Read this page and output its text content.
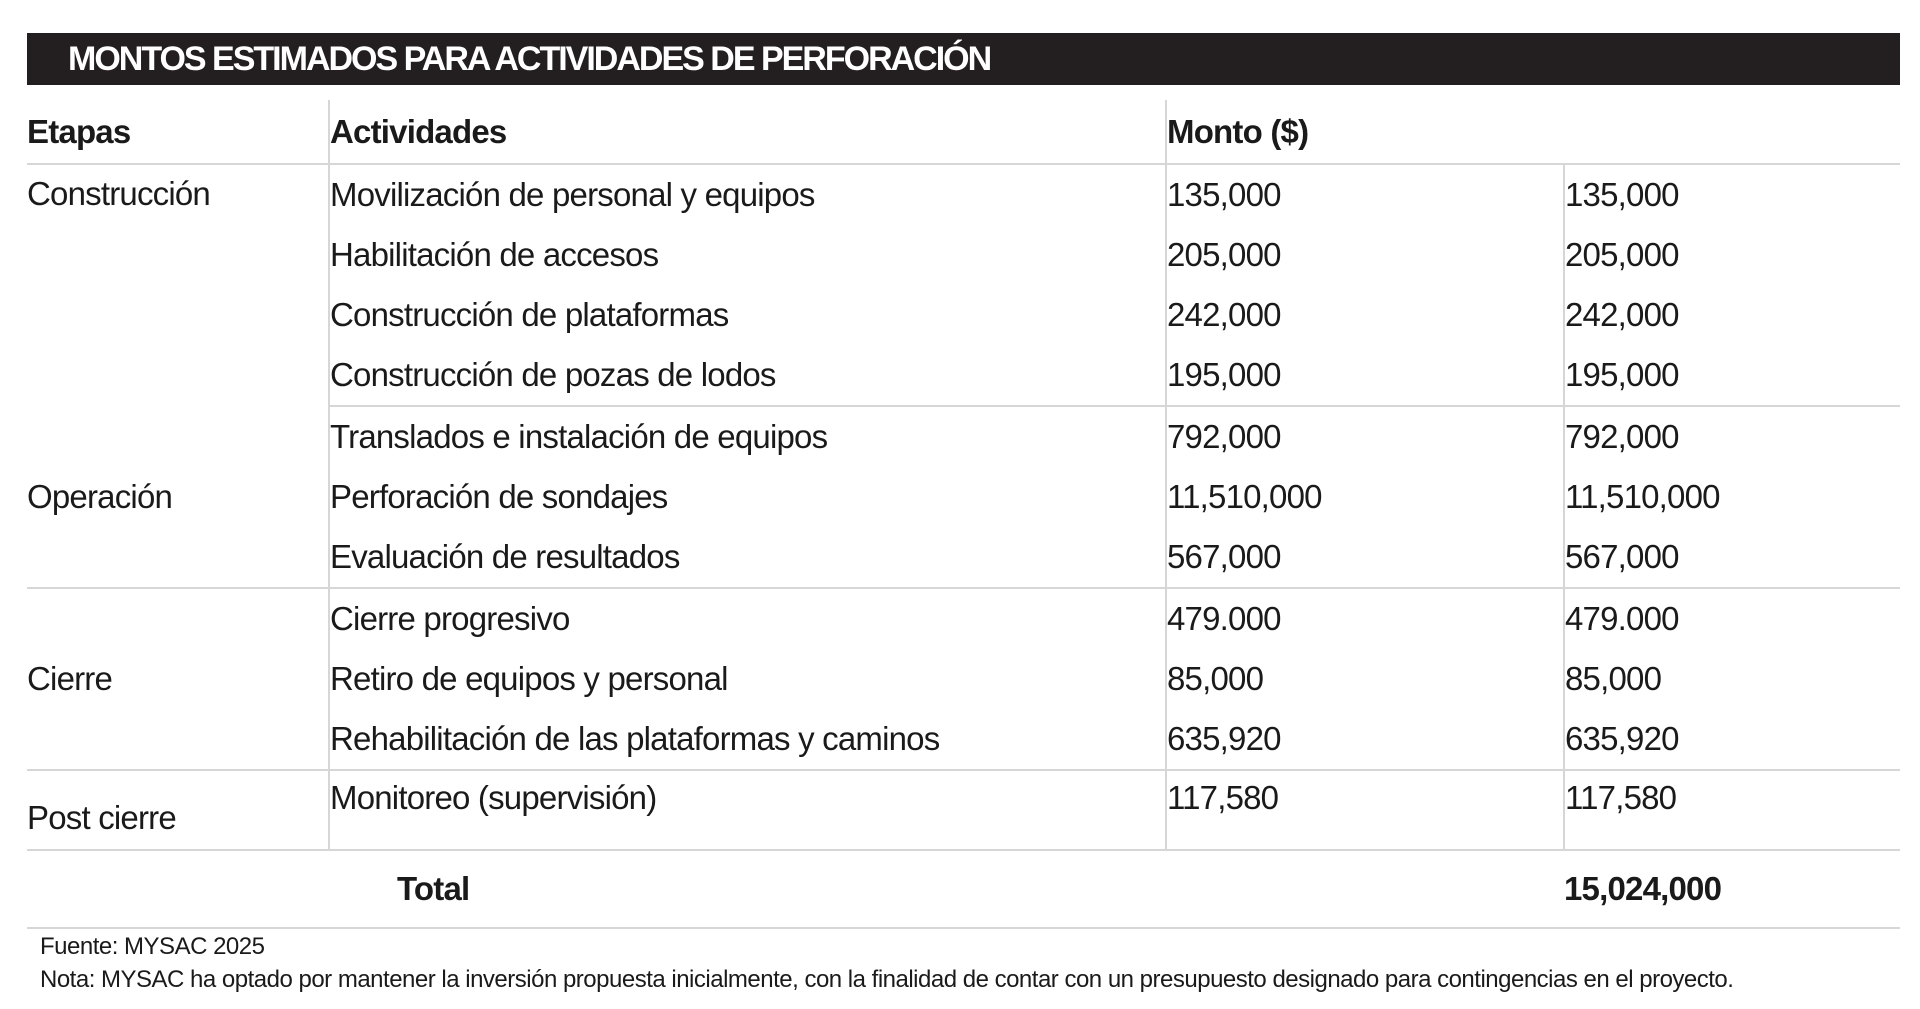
MONTOS ESTIMADOS PARA ACTIVIDADES DE PERFORACIÓN
Etapas	Actividades	Monto ($)	
Construcción	Movilización de personal y equipos	135,000	135,000
	Habilitación de accesos	205,000	205,000
	Construcción de plataformas	242,000	242,000
	Construcción de pozas de lodos	195,000	195,000
Operación	Translados e instalación de equipos	792,000	792,000
	Perforación de sondajes	11,510,000	11,510,000
	Evaluación de resultados	567,000	567,000
Cierre	Cierre progresivo	479.000	479.000
	Retiro de equipos y personal	85,000	85,000
	Rehabilitación de las plataformas y caminos	635,920	635,920
Post cierre	Monitoreo (supervisión)	117,580	117,580
	Total		15,024,000
Fuente: MYSAC 2025
Nota: MYSAC ha optado por mantener la inversión propuesta inicialmente, con la finalidad de contar con un presupuesto designado para contingencias en el proyecto.
